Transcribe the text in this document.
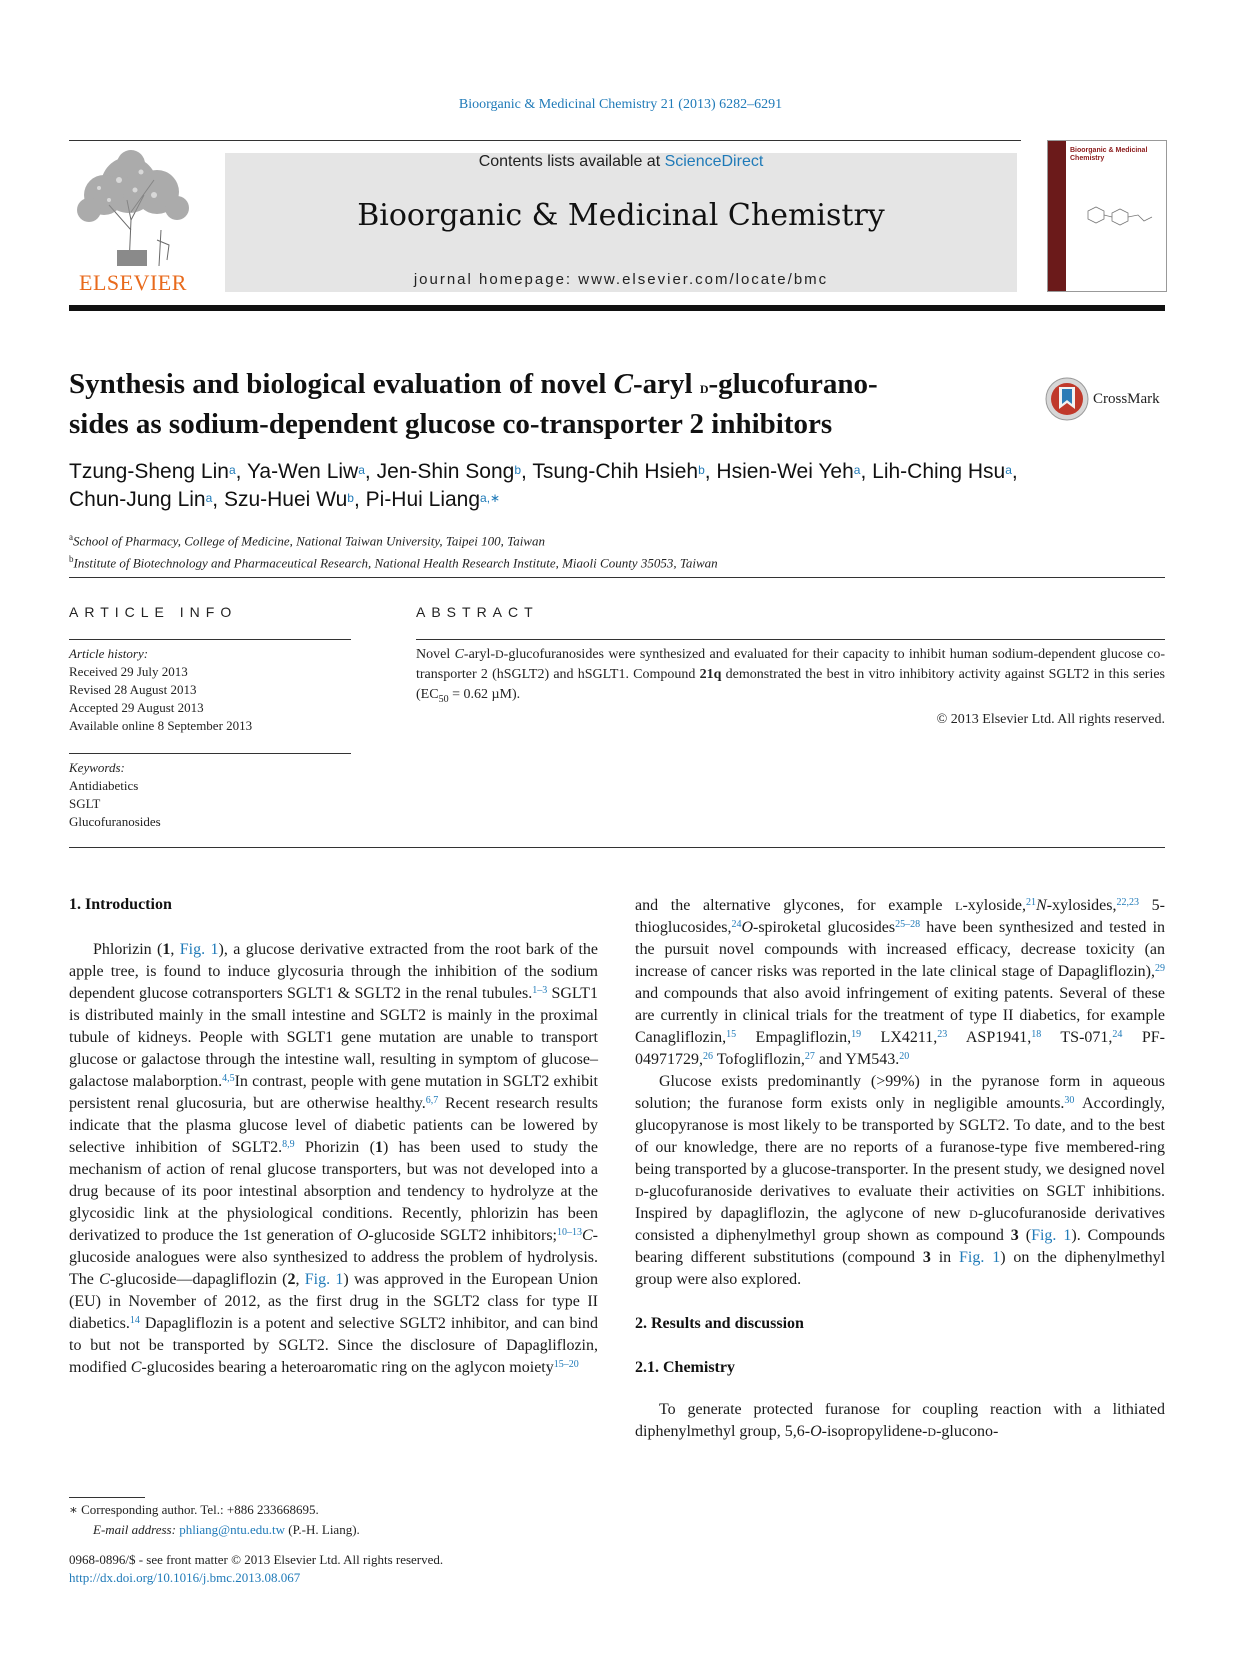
Bioorganic & Medicinal Chemistry 21 (2013) 6282–6291
ELSEVIER
Contents lists available at ScienceDirect
Bioorganic & Medicinal Chemistry
journal homepage: www.elsevier.com/locate/bmc
Bioorganic & Medicinal Chemistry
Synthesis and biological evaluation of novel C-aryl D-glucofurano-
sides as sodium-dependent glucose co-transporter 2 inhibitors
CrossMark
Tzung-Sheng Lin$^a$, Ya-Wen Liw$^a$, Jen-Shin Song$^b$, Tsung-Chih Hsieh$^b$, Hsien-Wei Yeh$^a$, Lih-Ching Hsu$^a$,
Chun-Jung Lin$^a$, Szu-Huei Wu$^b$, Pi-Hui Liang$^{a,∗}$
$^a$School of Pharmacy, College of Medicine, National Taiwan University, Taipei 100, Taiwan
$^b$Institute of Biotechnology and Pharmaceutical Research, National Health Research Institute, Miaoli County 35053, Taiwan
ARTICLE INFO
Article history:
Received 29 July 2013
Revised 28 August 2013
Accepted 29 August 2013
Available online 8 September 2013
Keywords:
Antidiabetics
SGLT
Glucofuranosides
ABSTRACT
Novel C-aryl-D-glucofuranosides were synthesized and evaluated for their capacity to inhibit human sodium-dependent glucose co-transporter 2 (hSGLT2) and hSGLT1. Compound 21q demonstrated the best in vitro inhibitory activity against SGLT2 in this series ($EC_{50} = 0.62$ µM).
© 2013 Elsevier Ltd. All rights reserved.
1. Introduction

Phlorizin (1, Fig. 1), a glucose derivative extracted from the root bark of the apple tree, is found to induce glycosuria through the inhibition of the sodium dependent glucose cotransporters SGLT1 & SGLT2 in the renal tubules.$^{1-3}$ SGLT1 is distributed mainly in the small intestine and SGLT2 is mainly in the proximal tubule of kidneys. People with SGLT1 gene mutation are unable to transport glucose or galactose through the intestine wall, resulting in symptom of glucose–galactose malaborption.$^{4,5}$In contrast, people with gene mutation in SGLT2 exhibit persistent renal glucosuria, but are otherwise healthy.$^{6,7}$ Recent research results indicate that the plasma glucose level of diabetic patients can be lowered by selective inhibition of SGLT2.$^{8,9}$ Phorizin (1) has been used to study the mechanism of action of renal glucose transporters, but was not developed into a drug because of its poor intestinal absorption and tendency to hydrolyze at the glycosidic link at the physiological conditions. Recently, phlorizin has been derivatized to produce the 1st generation of O-glucoside SGLT2 inhibitors;$^{10-13}$C-glucoside analogues were also synthesized to address the problem of hydrolysis. The C-glucoside—dapagliflozin (2, Fig. 1) was approved in the European Union (EU) in November of 2012, as the first drug in the SGLT2 class for type II diabetics.$^{14}$ Dapagliflozin is a potent and selective SGLT2 inhibitor, and can bind to but not be transported by SGLT2. Since the disclosure of Dapagliflozin, modified C-glucosides bearing a heteroaromatic ring on the aglycon moiety$^{15-20}$

and the alternative glycones, for example L-xyloside,$^{21}$N-xylosides,$^{22,23}$ 5-thioglucosides,$^{24}$O-spiroketal glucosides$^{25-28}$ have been synthesized and tested in the pursuit novel compounds with increased efficacy, decrease toxicity (an increase of cancer risks was reported in the late clinical stage of Dapagliflozin),$^{29}$ and compounds that also avoid infringement of exiting patents. Several of these are currently in clinical trials for the treatment of type II diabetics, for example Canagliflozin,$^{15}$ Empagliflozin,$^{19}$ LX4211,23 ASP1941,18 TS-071,24 PF-04971729,26 Tofogliflozin,$^{27}$ and YM543.20

Glucose exists predominantly (>99%) in the pyranose form in aqueous solution; the furanose form exists only in negligible amounts.$^{30}$ Accordingly, glucopyranose is most likely to be transported by SGLT2. To date, and to the best of our knowledge, there are no reports of a furanose-type five membered-ring being transported by a glucose-transporter. In the present study, we designed novel D-glucofuranoside derivatives to evaluate their activities on SGLT inhibitions. Inspired by dapagliflozin, the aglycone of new D-glucofuranoside derivatives consisted a diphenylmethyl group shown as compound 3 (Fig. 1). Compounds bearing different substitutions (compound 3 in Fig. 1) on the diphenylmethyl group were also explored.

2. Results and discussion
2.1. Chemistry

To generate protected furanose for coupling reaction with a lithiated diphenylmethyl group, 5,6-O-isopropylidene-D-glucono-

∗ Corresponding author. Tel.: +886 233668695.
E-mail address: phliang@ntu.edu.tw (P.-H. Liang).
0968-0896/$ - see front matter © 2013 Elsevier Ltd. All rights reserved.
http://dx.doi.org/10.1016/j.bmc.2013.08.067
